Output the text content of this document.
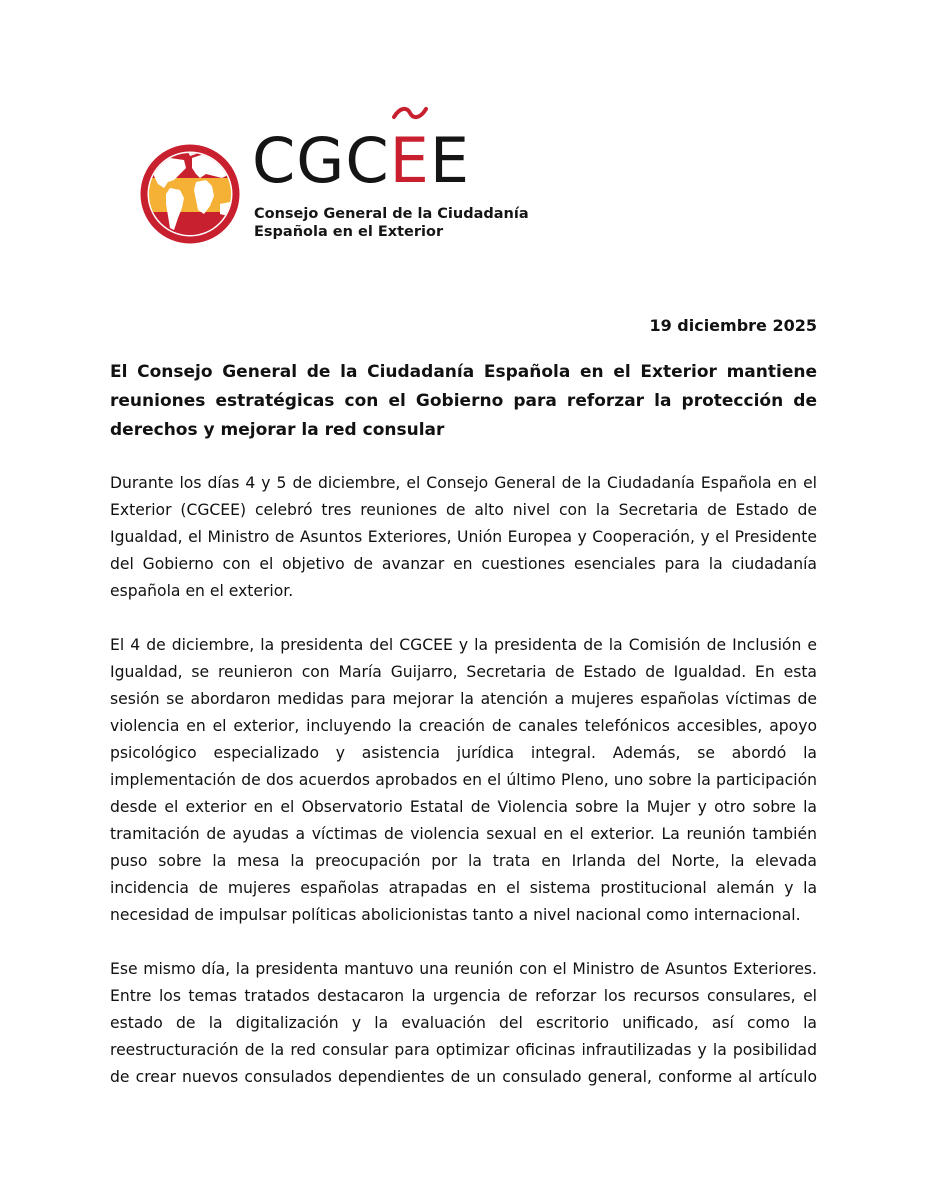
CGC
EE
Consejo General de la Ciudadanía
Española en el Exterior
19 diciembre 2025
El Consejo General de la Ciudadanía Española en el Exterior mantiene reuniones estratégicas con el Gobierno para reforzar la protección de derechos y mejorar la red consular

Durante los días 4 y 5 de diciembre, el Consejo General de la Ciudadanía Española en el Exterior (CGCEE) celebró tres reuniones de alto nivel con la Secretaria de Estado de Igualdad, el Ministro de Asuntos Exteriores, Unión Europea y Cooperación, y el Presidente del Gobierno con el objetivo de avanzar en cuestiones esenciales para la ciudadanía española en el exterior.

El 4 de diciembre, la presidenta del CGCEE y la presidenta de la Comisión de Inclusión e Igualdad, se reunieron con María Guijarro, Secretaria de Estado de Igualdad. En esta sesión se abordaron medidas para mejorar la atención a mujeres españolas víctimas de violencia en el exterior, incluyendo la creación de canales telefónicos accesibles, apoyo psicológico especializado y asistencia jurídica integral. Además, se abordó la implementación de dos acuerdos aprobados en el último Pleno, uno sobre la participación desde el exterior en el Observatorio Estatal de Violencia sobre la Mujer y otro sobre la tramitación de ayudas a víctimas de violencia sexual en el exterior. La reunión también puso sobre la mesa la preocupación por la trata en Irlanda del Norte, la elevada incidencia de mujeres españolas atrapadas en el sistema prostitucional alemán y la necesidad de impulsar políticas abolicionistas tanto a nivel nacional como internacional.

Ese mismo día, la presidenta mantuvo una reunión con el Ministro de Asuntos Exteriores. Entre los temas tratados destacaron la urgencia de reforzar los recursos consulares, el estado de la digitalización y la evaluación del escritorio unificado, así como la reestructuración de la red consular para optimizar oficinas infrautilizadas y la posibilidad de crear nuevos consulados dependientes de un consulado general, conforme al artículo
